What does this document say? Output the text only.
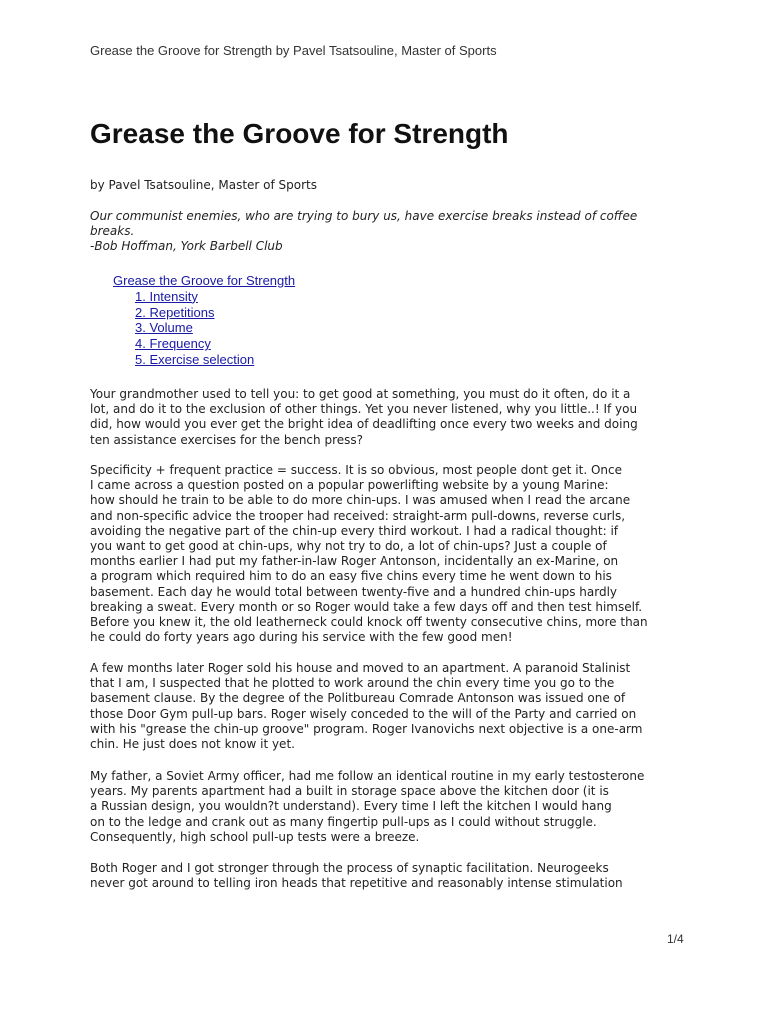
Grease the Groove for Strength by Pavel Tsatsouline, Master of Sports
Grease the Groove for Strength
by Pavel Tsatsouline, Master of Sports
Our communist enemies, who are trying to bury us, have exercise breaks instead of coffee
breaks.
-Bob Hoffman, York Barbell Club
Grease the Groove for Strength
1. Intensity
2. Repetitions
3. Volume
4. Frequency
5. Exercise selection
Your grandmother used to tell you: to get good at something, you must do it often, do it a
lot, and do it to the exclusion of other things. Yet you never listened, why you little..! If you
did, how would you ever get the bright idea of deadlifting once every two weeks and doing
ten assistance exercises for the bench press?
Specificity + frequent practice = success. It is so obvious, most people dont get it. Once
I came across a question posted on a popular powerlifting website by a young Marine:
how should he train to be able to do more chin-ups. I was amused when I read the arcane
and non-specific advice the trooper had received: straight-arm pull-downs, reverse curls,
avoiding the negative part of the chin-up every third workout. I had a radical thought: if
you want to get good at chin-ups, why not try to do, a lot of chin-ups? Just a couple of
months earlier I had put my father-in-law Roger Antonson, incidentally an ex-Marine, on
a program which required him to do an easy five chins every time he went down to his
basement. Each day he would total between twenty-five and a hundred chin-ups hardly
breaking a sweat. Every month or so Roger would take a few days off and then test himself.
Before you knew it, the old leatherneck could knock off twenty consecutive chins, more than
he could do forty years ago during his service with the few good men!
A few months later Roger sold his house and moved to an apartment. A paranoid Stalinist
that I am, I suspected that he plotted to work around the chin every time you go to the
basement clause. By the degree of the Politbureau Comrade Antonson was issued one of
those Door Gym pull-up bars. Roger wisely conceded to the will of the Party and carried on
with his "grease the chin-up groove" program. Roger Ivanovichs next objective is a one-arm
chin. He just does not know it yet.
My father, a Soviet Army officer, had me follow an identical routine in my early testosterone
years. My parents apartment had a built in storage space above the kitchen door (it is
a Russian design, you wouldn?t understand). Every time I left the kitchen I would hang
on to the ledge and crank out as many fingertip pull-ups as I could without struggle.
Consequently, high school pull-up tests were a breeze.
Both Roger and I got stronger through the process of synaptic facilitation. Neurogeeks
never got around to telling iron heads that repetitive and reasonably intense stimulation
1/4
